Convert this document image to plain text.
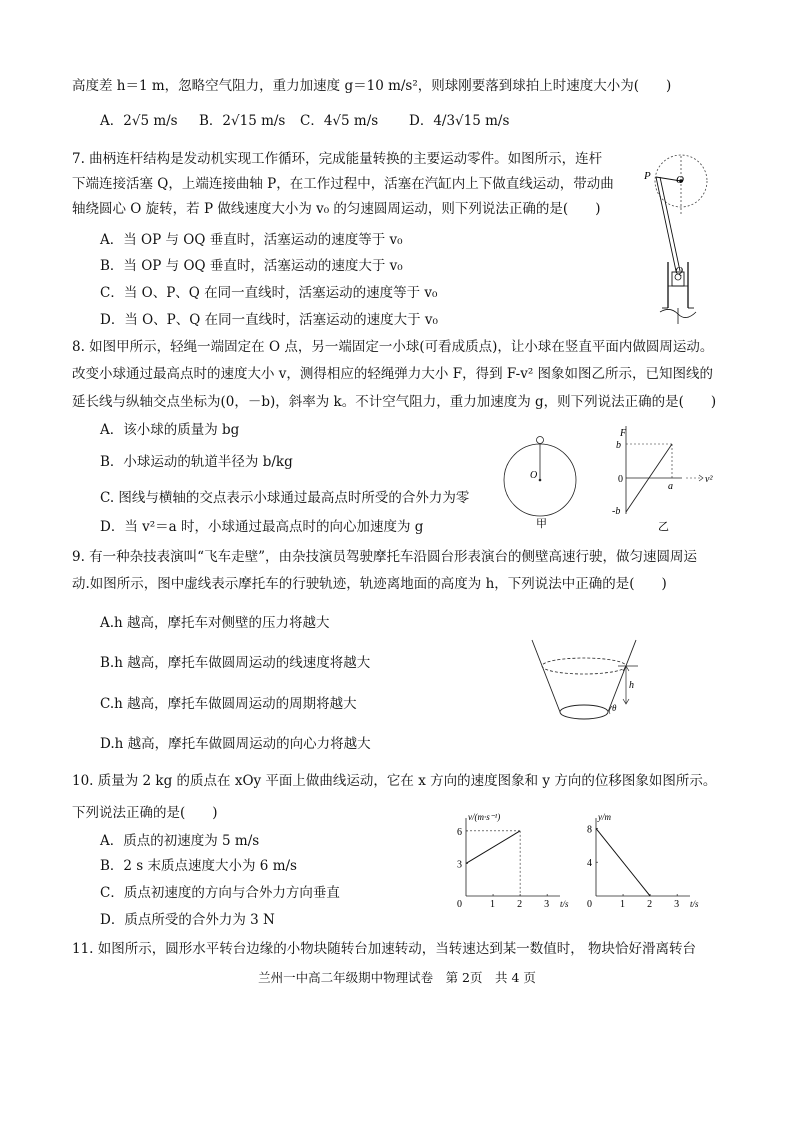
高度差 h＝1 m，忽略空气阻力，重力加速度 g＝10 m/s²，则球刚要落到球拍上时速度大小为(　　)
A．2√5 m/s B．2√15 m/s C．4√5 m/s D．4/3√15 m/s
7. 曲柄连杆结构是发动机实现工作循环，完成能量转换的主要运动零件。如图所示，连杆
下端连接活塞 Q，上端连接曲轴 P，在工作过程中，活塞在汽缸内上下做直线运动，带动曲
轴绕圆心 O 旋转，若 P 做线速度大小为 v₀ 的匀速圆周运动，则下列说法正确的是(　　)
A．当 OP 与 OQ 垂直时，活塞运动的速度等于 v₀
B．当 OP 与 OQ 垂直时，活塞运动的速度大于 v₀
C．当 O、P、Q 在同一直线时，活塞运动的速度等于 v₀
D．当 O、P、Q 在同一直线时，活塞运动的速度大于 v₀
P O
Q
8. 如图甲所示，轻绳一端固定在 O 点，另一端固定一小球(可看成质点)，让小球在竖直平面内做圆周运动。
改变小球通过最高点时的速度大小 v，测得相应的轻绳弹力大小 F，得到 F-v² 图象如图乙所示，已知图线的
延长线与纵轴交点坐标为(0，－b)，斜率为 k。不计空气阻力，重力加速度为 g，则下列说法正确的是(　　)
A．该小球的质量为 bg
B．小球运动的轨道半径为 b/kg
C. 图线与横轴的交点表示小球通过最高点时所受的合外力为零
D．当 v²＝a 时，小球通过最高点时的向心加速度为 g
O
甲
F
b
0
-b
a
v²
乙
9. 有一种杂技表演叫“飞车走壁”，由杂技演员驾驶摩托车沿圆台形表演台的侧壁高速行驶，做匀速圆周运
动.如图所示，图中虚线表示摩托车的行驶轨迹，轨迹离地面的高度为 h，下列说法中正确的是(　　)
A.h 越高，摩托车对侧壁的压力将越大
B.h 越高，摩托车做圆周运动的线速度将越大
C.h 越高，摩托车做圆周运动的周期将越大
D.h 越高，摩托车做圆周运动的向心力将越大
h
θ
10. 质量为 2 kg 的质点在 xOy 平面上做曲线运动，它在 x 方向的速度图象和 y 方向的位移图象如图所示。
下列说法正确的是(　　)
A．质点的初速度为 5 m/s
B．2 s 末质点速度大小为 6 m/s
C．质点初速度的方向与合外力方向垂直
D．质点所受的合外力为 3 N
0	1 2 3
3
6
v/(m·s⁻¹)
t/s 0	1 2 3
4
8
y/m
t/s
11. 如图所示，圆形水平转台边缘的小物块随转台加速转动，当转速达到某一数值时， 物块恰好滑离转台
兰州一中高二年级期中物理试卷　第 2页　共 4 页
